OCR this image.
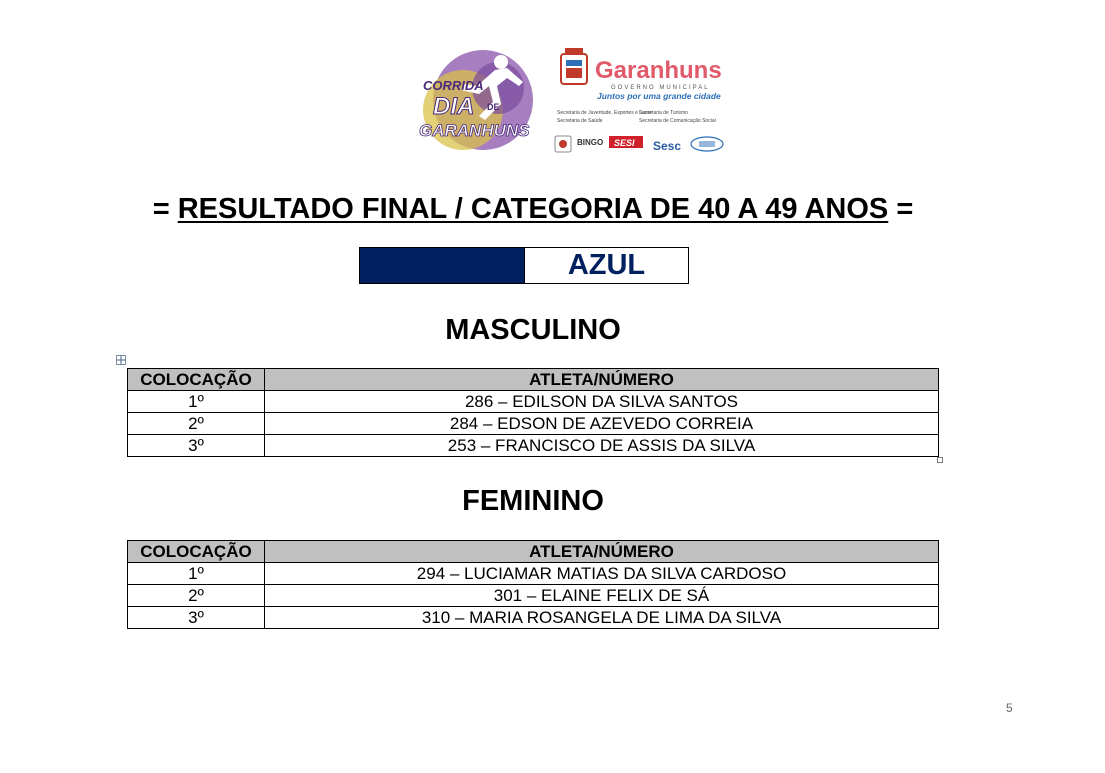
CORRIDA
DIA DE
GARANHUNS
Garanhuns
GOVERNO MUNICIPAL
Juntos por uma grande cidade
Secretaria de Juventude, Esportes e Lazer
Secretaria de Saúde
Secretaria de Turismo
Secretaria de Comunicação Social
BINGO SESI Sesc
= RESULTADO FINAL / CATEGORIA DE 40 A 49 ANOS =
AZUL
MASCULINO
COLOCAÇÃO	ATLETA/NÚMERO
1º	286 – EDILSON DA SILVA SANTOS
2º	284 – EDSON DE AZEVEDO CORREIA
3º	253 – FRANCISCO DE ASSIS DA SILVA
FEMININO
COLOCAÇÃO	ATLETA/NÚMERO
1º	294 – LUCIAMAR MATIAS DA SILVA CARDOSO
2º	301 – ELAINE FELIX DE SÁ
3º	310 – MARIA ROSANGELA DE LIMA DA SILVA
5
